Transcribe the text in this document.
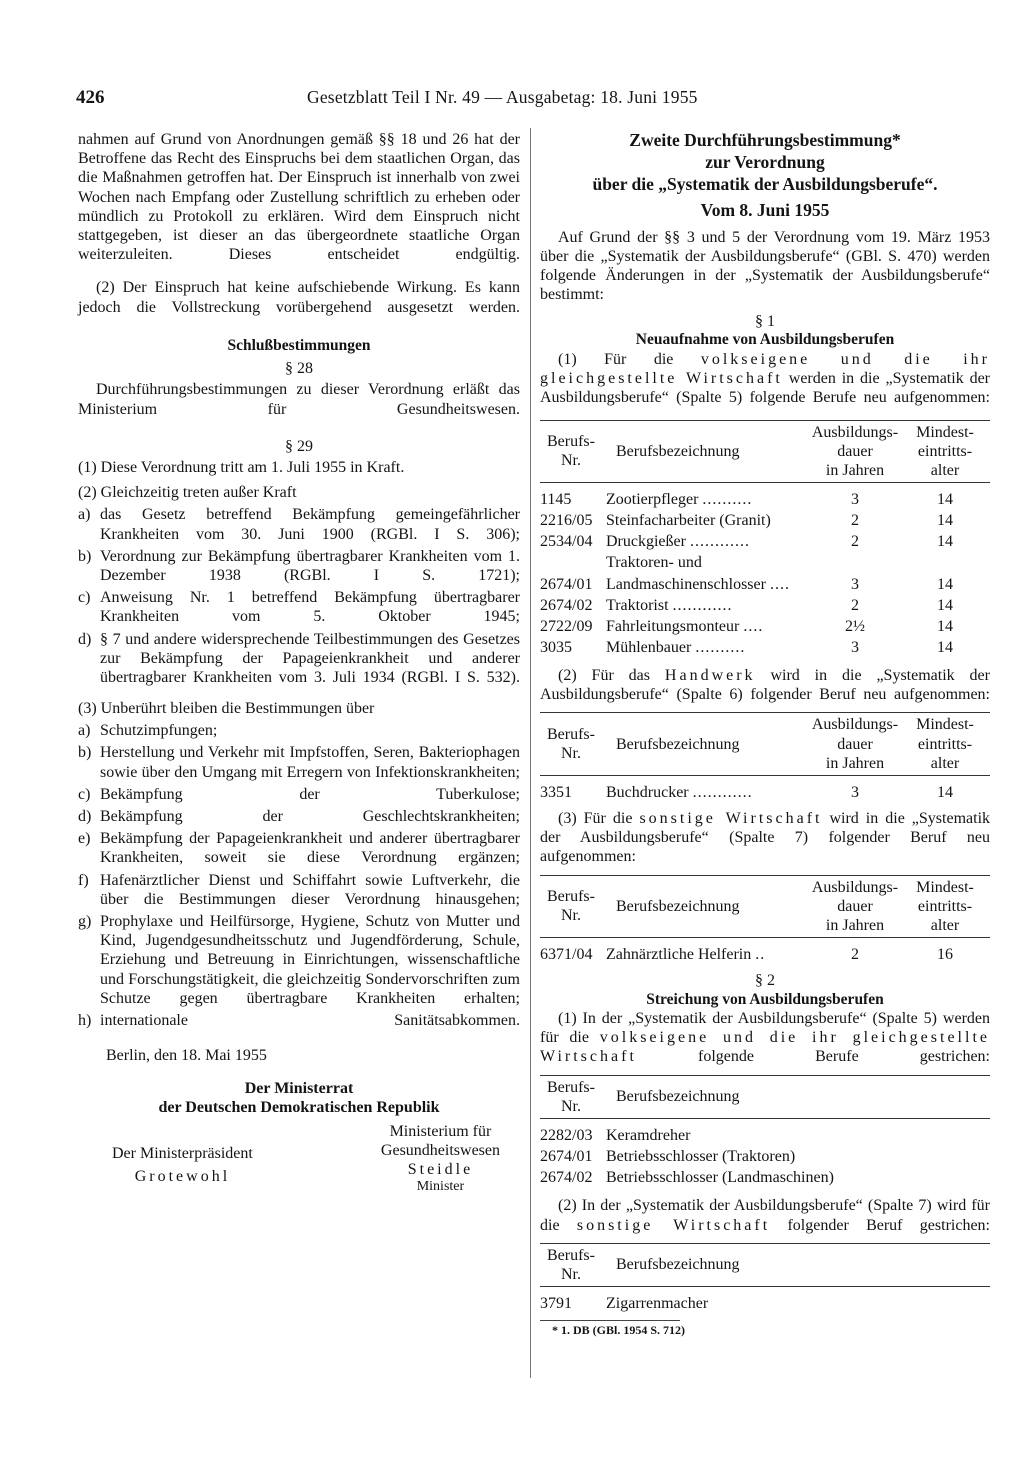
426	Gesetzblatt Teil I Nr. 49 — Ausgabetag: 18. Juni 1955

nahmen auf Grund von Anordnungen gemäß §§ 18 und 26 hat der Betroffene das Recht des Einspruchs bei dem staatlichen Organ, das die Maßnahmen getroffen hat. Der Einspruch ist innerhalb von zwei Wochen nach Empfang oder Zustellung schriftlich zu erheben oder mündlich zu Protokoll zu erklären. Wird dem Einspruch nicht stattgegeben, ist dieser an das übergeordnete staatliche Organ weiterzuleiten. Dieses entscheidet endgültig.

(2) Der Einspruch hat keine aufschiebende Wirkung. Es kann jedoch die Vollstreckung vorübergehend ausgesetzt werden.

Schlußbestimmungen

§ 28

Durchführungsbestimmungen zu dieser Verordnung erläßt das Ministerium für Gesundheitswesen.

§ 29

(1) Diese Verordnung tritt am 1. Juli 1955 in Kraft.

(2) Gleichzeitig treten außer Kraft

a) das Gesetz betreffend Bekämpfung gemeingefährlicher Krankheiten vom 30. Juni 1900 (RGBl. I S. 306);
b) Verordnung zur Bekämpfung übertragbarer Krankheiten vom 1. Dezember 1938 (RGBl. I S. 1721);
c) Anweisung Nr. 1 betreffend Bekämpfung übertragbarer Krankheiten vom 5. Oktober 1945;
d) § 7 und andere widersprechende Teilbestimmungen des Gesetzes zur Bekämpfung der Papageienkrankheit und anderer übertragbarer Krankheiten vom 3. Juli 1934 (RGBl. I S. 532).

(3) Unberührt bleiben die Bestimmungen über

a) Schutzimpfungen;
b) Herstellung und Verkehr mit Impfstoffen, Seren, Bakteriophagen sowie über den Umgang mit Erregern von Infektionskrankheiten;
c) Bekämpfung der Tuberkulose;
d) Bekämpfung der Geschlechtskrankheiten;
e) Bekämpfung der Papageienkrankheit und anderer übertragbarer Krankheiten, soweit sie diese Verordnung ergänzen;
f) Hafenärztlicher Dienst und Schiffahrt sowie Luftverkehr, die über die Bestimmungen dieser Verordnung hinausgehen;
g) Prophylaxe und Heilfürsorge, Hygiene, Schutz von Mutter und Kind, Jugendgesundheitsschutz und Jugendförderung, Schule, Erziehung und Betreuung in Einrichtungen, wissenschaftliche und Forschungstätigkeit, die gleichzeitig Sondervorschriften zum Schutze gegen übertragbare Krankheiten erhalten;
h) internationale Sanitätsabkommen.

Berlin, den 18. Mai 1955

Der Ministerrat

der Deutschen Demokratischen Republik

Der Ministerpräsident
Grotewohl
Ministerium für
Gesundheitswesen
Steidle
Minister

Zweite Durchführungsbestimmung*

zur Verordnung

über die „Systematik der Ausbildungsberufe“.

Vom 8. Juni 1955

Auf Grund der §§ 3 und 5 der Verordnung vom 19. März 1953 über die „Systematik der Ausbildungsberufe“ (GBl. S. 470) werden folgende Änderungen in der „Systematik der Ausbildungsberufe“ bestimmt:

§ 1

Neuaufnahme von Ausbildungsberufen

(1) Für die volkseigene und die ihr gleichgestellte Wirtschaft werden in die „Systematik der Ausbildungsberufe“ (Spalte 5) folgende Berufe neu aufgenommen:

Berufs-
Nr.	Berufsbezeichnung	Ausbildungs-
dauer
in Jahren	Mindest-
eintritts-
alter
1145	Zootierpfleger ..........	3	14
2216/05	Steinfacharbeiter (Granit)	2	14
2534/04	Druckgießer ............	2	14
2674/01	Traktoren- und Landmaschinenschlosser ....	3	14
2674/02	Traktorist ............	2	14
2722/09	Fahrleitungsmonteur ....	2½	14
3035	Mühlenbauer ..........	3	14

(2) Für das Handwerk wird in die „Systematik der Ausbildungsberufe“ (Spalte 6) folgender Beruf neu aufgenommen:

Berufs-
Nr.	Berufsbezeichnung	Ausbildungs-
dauer
in Jahren	Mindest-
eintritts-
alter
3351	Buchdrucker ............	3	14

(3) Für die sonstige Wirtschaft wird in die „Systematik der Ausbildungsberufe“ (Spalte 7) folgender Beruf neu aufgenommen:

Berufs-
Nr.	Berufsbezeichnung	Ausbildungs-
dauer
in Jahren	Mindest-
eintritts-
alter
6371/04	Zahnärztliche Helferin ..	2	16

§ 2

Streichung von Ausbildungsberufen

(1) In der „Systematik der Ausbildungsberufe“ (Spalte 5) werden für die volkseigene und die ihr gleichgestellte Wirtschaft folgende Berufe gestrichen:

Berufs-
Nr.	Berufsbezeichnung
2282/03	Keramdreher
2674/01	Betriebsschlosser (Traktoren)
2674/02	Betriebsschlosser (Landmaschinen)

(2) In der „Systematik der Ausbildungsberufe“ (Spalte 7) wird für die sonstige Wirtschaft folgender Beruf gestrichen:

Berufs-
Nr.	Berufsbezeichnung
3791	Zigarrenmacher

* 1. DB (GBl. 1954 S. 712)
